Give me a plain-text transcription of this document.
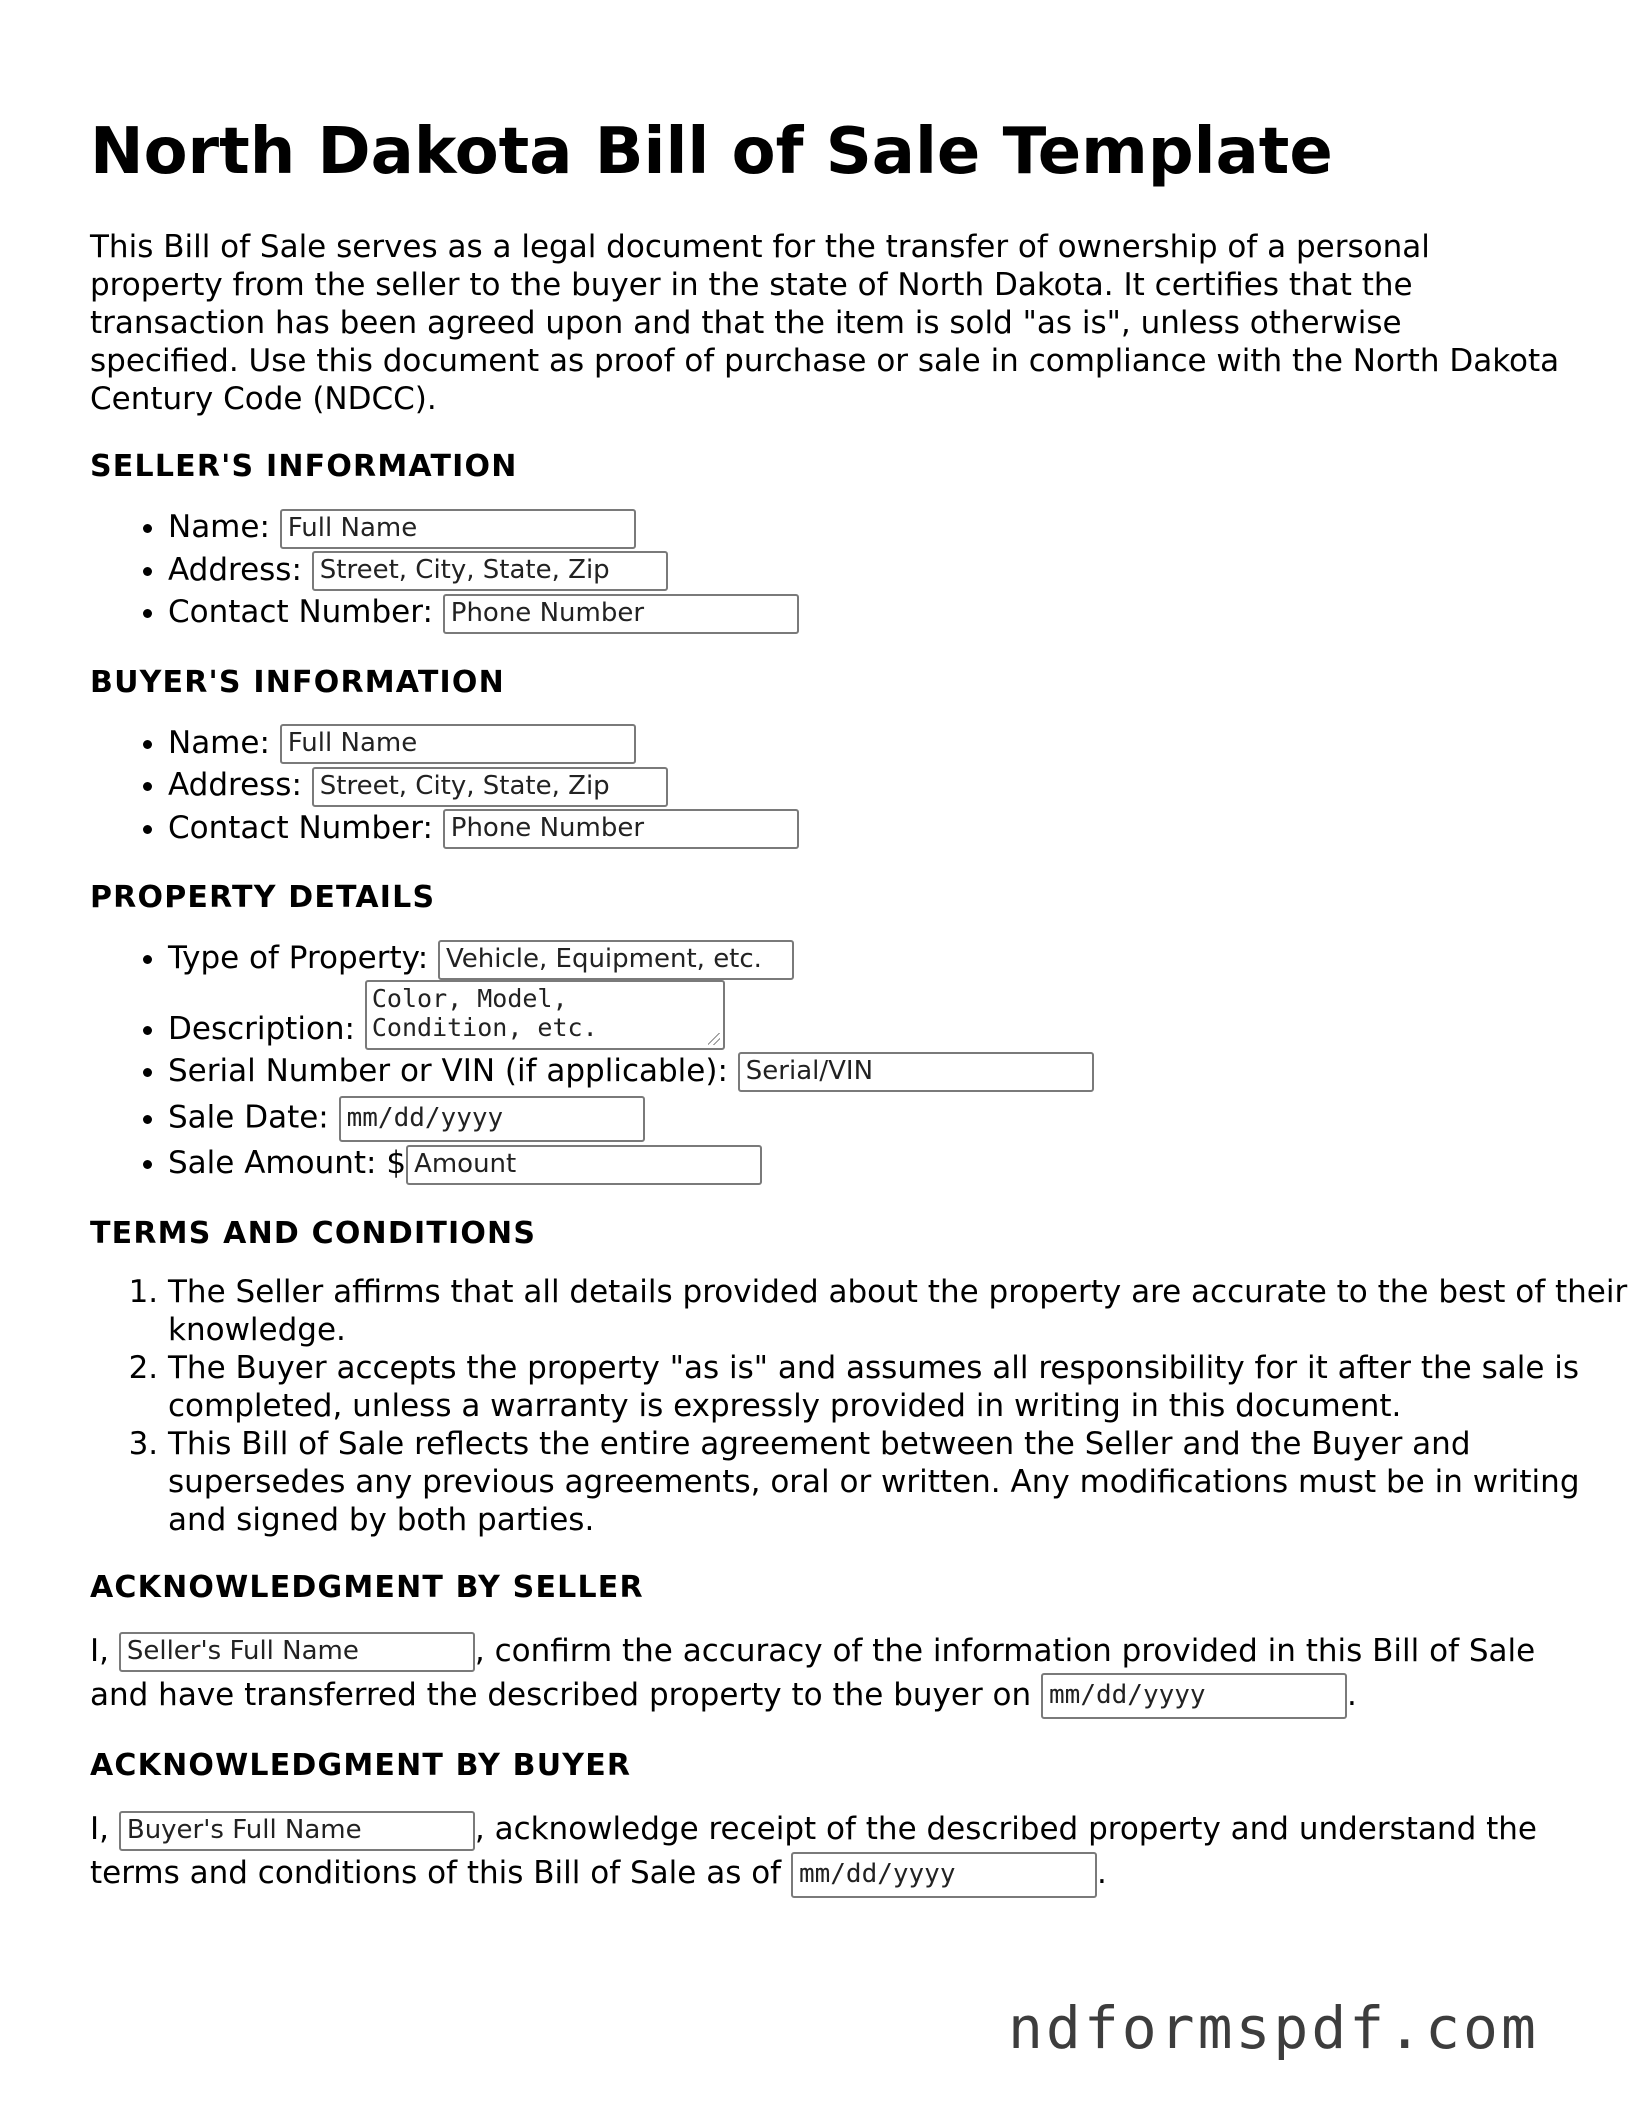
North Dakota Bill of Sale Template

This Bill of Sale serves as a legal document for the transfer of ownership of a personal property from the seller to the buyer in the state of North Dakota. It certifies that the transaction has been agreed upon and that the item is sold "as is", unless otherwise specified. Use this document as proof of purchase or sale in compliance with the North Dakota Century Code (NDCC).

SELLER'S INFORMATION
• Name: Full Name
• Address: Street, City, State, Zip
• Contact Number: Phone Number
BUYER'S INFORMATION
• Name: Full Name
• Address: Street, City, State, Zip
• Contact Number: Phone Number
PROPERTY DETAILS
• Type of Property: Vehicle, Equipment, etc.
• Description: Color, Model, Condition, etc.
• Serial Number or VIN (if applicable): Serial/VIN
• Sale Date: mm/dd/yyyy
• Sale Amount: $ Amount
TERMS AND CONDITIONS
1. The Seller affirms that all details provided about the property are accurate to the best of their knowledge.
2. The Buyer accepts the property "as is" and assumes all responsibility for it after the sale is completed, unless a warranty is expressly provided in writing in this document.
3. This Bill of Sale reflects the entire agreement between the Seller and the Buyer and supersedes any previous agreements, oral or written. Any modifications must be in writing and signed by both parties.
ACKNOWLEDGMENT BY SELLER

I, Seller's Full Name	, confirm the accuracy of the information provided in this Bill of Sale and have transferred the described property to the buyer on mm/dd/yyyy	.

ACKNOWLEDGMENT BY BUYER

I, Buyer's Full Name	, acknowledge receipt of the described property and understand the terms and conditions of this Bill of Sale as of mm/dd/yyyy	.

ndformspdf.com
